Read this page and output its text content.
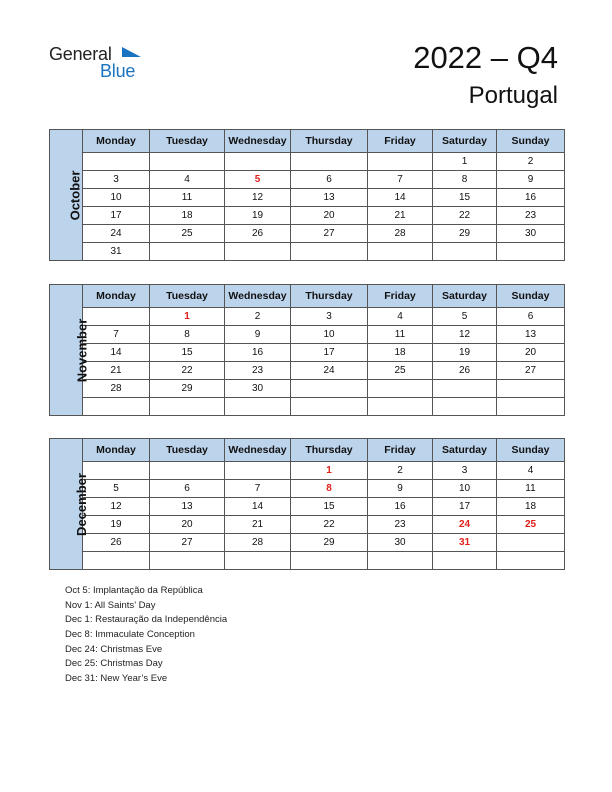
General
Blue	2022 – Q4
Portugal
October	Monday	Tuesday	Wednesday	Thursday	Friday	Saturday	Sunday
						1	2
	3	4	5	6	7	8	9
	10	11	12	13	14	15	16
	17	18	19	20	21	22	23
	24	25	26	27	28	29	30
	31						
November	Monday	Tuesday	Wednesday	Thursday	Friday	Saturday	Sunday
		1	2	3	4	5	6
	7	8	9	10	11	12	13
	14	15	16	17	18	19	20
	21	22	23	24	25	26	27
	28	29	30				

December	Monday	Tuesday	Wednesday	Thursday	Friday	Saturday	Sunday
				1	2	3	4
	5	6	7	8	9	10	11
	12	13	14	15	16	17	18
	19	20	21	22	23	24	25
	26	27	28	29	30	31	

Oct 5: Implantação da República
Nov 1: All Saints’ Day
Dec 1: Restauração da Independência
Dec 8: Immaculate Conception
Dec 24: Christmas Eve
Dec 25: Christmas Day
Dec 31: New Year’s Eve
